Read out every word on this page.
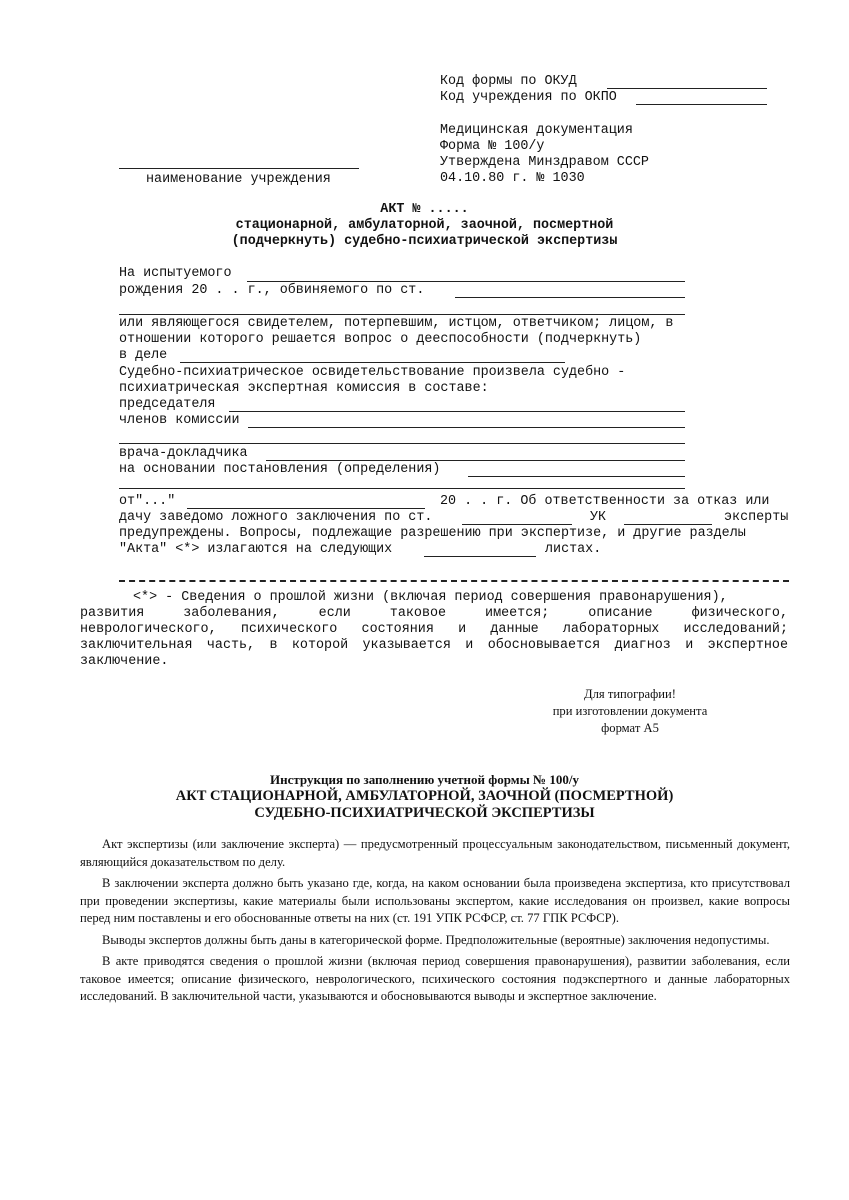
Код формы по ОКУД
Код учреждения по ОКПО
Медицинская документация
Форма № 100/у
Утверждена Минздравом СССР
04.10.80 г. № 1030
наименование учреждения
АКТ № .....
стационарной, амбулаторной, заочной, посмертной
(подчеркнуть) судебно-психиатрической экспертизы
На испытуемого
рождения 20 . . г., обвиняемого по ст.
или являющегося свидетелем, потерпевшим, истцом, ответчиком; лицом, в
отношении которого решается вопрос о дееспособности (подчеркнуть)
в деле
Судебно-психиатрическое освидетельствование произвела судебно -
психиатрическая экспертная комиссия в составе:
председателя
членов комиссии
врача-докладчика
на основании постановления (определения)
от"..."	20 . . г. Об ответственности за отказ или
дачу заведомо ложного заключения по ст.	УК	эксперты
предупреждены. Вопросы, подлежащие разрешению при экспертизе, и другие разделы
"Акта" <*> излагаются на следующих	листах.
<*> - Сведения о прошлой жизни (включая период совершения правонарушения),
развития заболевания, если таковое имеется; описание физического,
неврологического, психического состояния и данные лабораторных исследований;
заключительная часть, в которой указывается и обосновывается диагноз и экспертное
заключение.
Для типографии!
при изготовлении документа
формат А5
Инструкция по заполнению учетной формы № 100/у
АКТ СТАЦИОНАРНОЙ, АМБУЛАТОРНОЙ, ЗАОЧНОЙ (ПОСМЕРТНОЙ)
СУДЕБНО-ПСИХИАТРИЧЕСКОЙ ЭКСПЕРТИЗЫ

Акт экспертизы (или заключение эксперта) — предусмотренный процессуальным законодательством, письменный документ, являющийся доказательством по делу.

В заключении эксперта должно быть указано где, когда, на каком основании была произведена экспертиза, кто присутствовал при проведении экспертизы, какие материалы были использованы экспертом, какие исследования он произвел, какие вопросы перед ним поставлены и его обоснованные ответы на них (ст. 191 УПК РСФСР, ст. 77 ГПК РСФСР).

Выводы экспертов должны быть даны в категорической форме. Предположительные (вероятные) заключения недопустимы.

В акте приводятся сведения о прошлой жизни (включая период совершения правонарушения), развитии заболевания, если таковое имеется; описание физического, неврологического, психического состояния подэкспертного и данные лабораторных исследований. В заключительной части, указываются и обосновываются выводы и экспертное заключение.
